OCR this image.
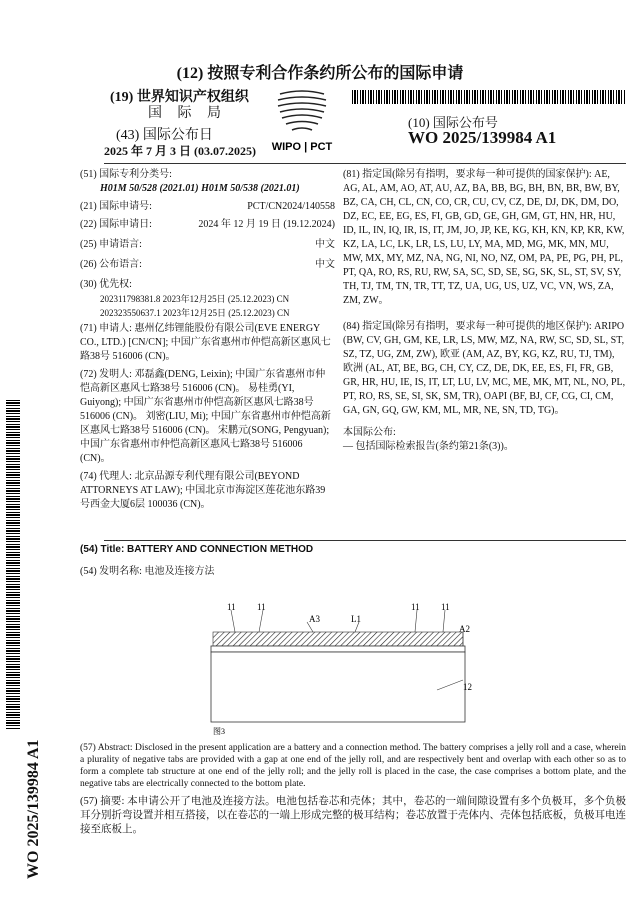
(12) 按照专利合作条约所公布的国际申请
(19) 世界知识产权组织
国 际 局
(43) 国际公布日
2025 年 7 月 3 日 (03.07.2025) WIPO | PCT
(10) 国际公布号
WO 2025/139984 A1
WO 2025/139984 A1
(51) 国际专利分类号:
H01M 50/528 (2021.01) H01M 50/538 (2021.01)
(21) 国际申请号:	PCT/CN2024/140558
(22) 国际申请日:	2024 年 12 月 19 日 (19.12.2024)
(25) 申请语言:	中文
(26) 公布语言:	中文
(30) 优先权:
202311798381.8 2023年12月25日 (25.12.2023) CN
202323550637.1 2023年12月25日 (25.12.2023) CN
(71) 申请人: 惠州亿纬锂能股份有限公司(EVE ENERGY CO., LTD.) [CN/CN]; 中国广东省惠州市仲恺高新区惠风七路38号 516006 (CN)。
(72) 发明人: 邓磊鑫(DENG, Leixin); 中国广东省惠州市仲恺高新区惠风七路38号 516006 (CN)。 易桂勇(YI, Guiyong); 中国广东省惠州市仲恺高新区惠风七路38号 516006 (CN)。 刘密(LIU, Mi); 中国广东省惠州市仲恺高新区惠风七路38号 516006 (CN)。 宋鹏元(SONG, Pengyuan); 中国广东省惠州市仲恺高新区惠风七路38号 516006 (CN)。
(74) 代理人: 北京品源专利代理有限公司(BEYOND ATTORNEYS AT LAW); 中国北京市海淀区莲花池东路39号西金大厦6层 100036 (CN)。
(81) 指定国(除另有指明，要求每一种可提供的国家保护): AE, AG, AL, AM, AO, AT, AU, AZ, BA, BB, BG, BH, BN, BR, BW, BY, BZ, CA, CH, CL, CN, CO, CR, CU, CV, CZ, DE, DJ, DK, DM, DO, DZ, EC, EE, EG, ES, FI, GB, GD, GE, GH, GM, GT, HN, HR, HU, ID, IL, IN, IQ, IR, IS, IT, JM, JO, JP, KE, KG, KH, KN, KP, KR, KW, KZ, LA, LC, LK, LR, LS, LU, LY, MA, MD, MG, MK, MN, MU, MW, MX, MY, MZ, NA, NG, NI, NO, NZ, OM, PA, PE, PG, PH, PL, PT, QA, RO, RS, RU, RW, SA, SC, SD, SE, SG, SK, SL, ST, SV, SY, TH, TJ, TM, TN, TR, TT, TZ, UA, UG, US, UZ, VC, VN, WS, ZA, ZM, ZW。
(84) 指定国(除另有指明，要求每一种可提供的地区保护): ARIPO (BW, CV, GH, GM, KE, LR, LS, MW, MZ, NA, RW, SC, SD, SL, ST, SZ, TZ, UG, ZM, ZW), 欧亚 (AM, AZ, BY, KG, KZ, RU, TJ, TM), 欧洲 (AL, AT, BE, BG, CH, CY, CZ, DE, DK, EE, ES, FI, FR, GB, GR, HR, HU, IE, IS, IT, LT, LU, LV, MC, ME, MK, MT, NL, NO, PL, PT, RO, RS, SE, SI, SK, SM, TR), OAPI (BF, BJ, CF, CG, CI, CM, GA, GN, GQ, GW, KM, ML, MR, NE, SN, TD, TG)。
本国际公布:
— 包括国际检索报告(条约第21条(3))。
(54) Title: BATTERY AND CONNECTION METHOD
(54) 发明名称: 电池及连接方法
11 11
A3	L1
11 11
A2
12
图3
(57) Abstract: Disclosed in the present application are a battery and a connection method. The battery comprises a jelly roll and a case, wherein a plurality of negative tabs are provided with a gap at one end of the jelly roll, and are respectively bent and overlap with each other so as to form a complete tab structure at one end of the jelly roll; and the jelly roll is placed in the case, the case comprises a bottom plate, and the negative tabs are electrically connected to the bottom plate.
(57) 摘要: 本申请公开了电池及连接方法。电池包括卷芯和壳体；其中，卷芯的一端间隙设置有多个负极耳，多个负极耳分别折弯设置并相互搭接，以在卷芯的一端上形成完整的极耳结构；卷芯放置于壳体内、壳体包括底板，负极耳电连接至底板上。
